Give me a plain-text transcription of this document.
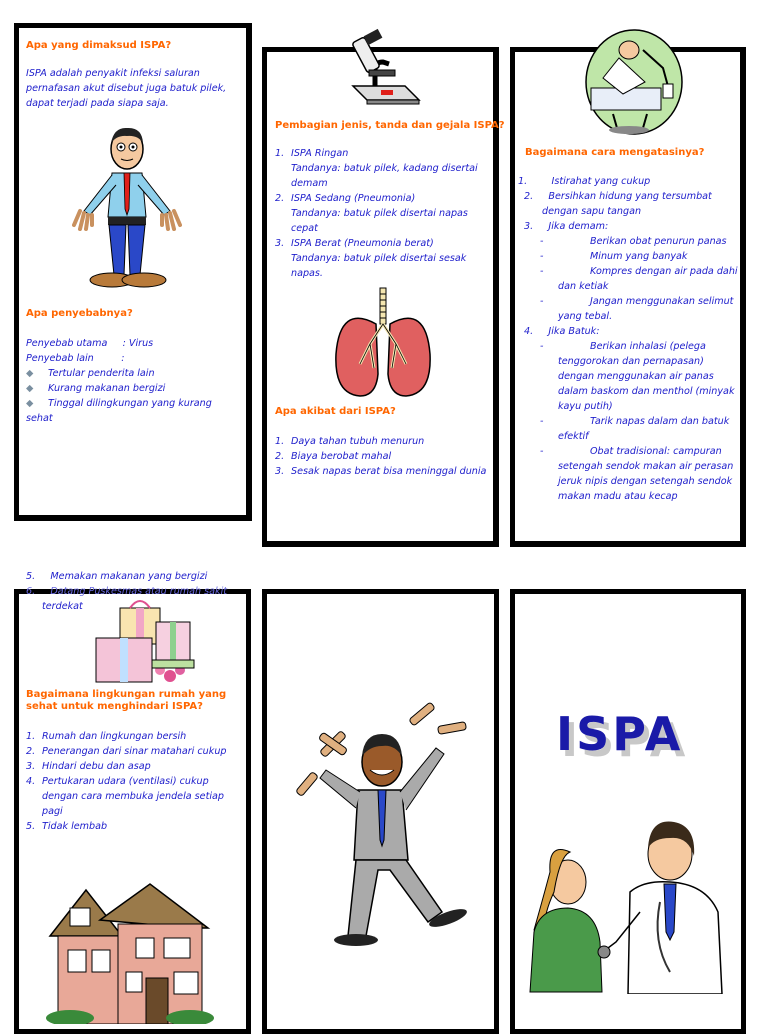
Apa yang dimaksud ISPA?
ISPA adalah penyakit infeksi saluran pernafasan akut disebut juga batuk pilek, dapat terjadi pada siapa saja.
Apa penyebabnya?

Penyebab utama     : Virus

Penyebab lain         :

◆ Tertular penderita lain
◆ Kurang makanan bergizi
◆ Tinggal dilingkungan yang kurang sehat
Pembagian jenis, tanda dan gejala ISPA?
1. ISPA Ringan
Tandanya: batuk pilek, kadang disertai demam
2. ISPA Sedang (Pneumonia)
Tandanya: batuk pilek disertai napas cepat
3. ISPA Berat (Pneumonia berat)
Tandanya: batuk pilek disertai sesak napas.
Apa akibat dari ISPA?
1. Daya tahan tubuh menurun
2. Biaya berobat mahal
3. Sesak napas berat bisa meninggal dunia
Bagaimana cara mengatasinya?

1.        Istirahat yang cukup

2.     Bersihkan hidung yang tersumbat

dengan sapu tangan

3.     Jika demam:

-	Berikan obat penurun panas
-	Minum yang banyak
-	Kompres dengan air pada dahi dan ketiak
-	Jangan menggunakan selimut yang tebal.

4.     Jika Batuk:

-	Berikan inhalasi (pelega tenggorokan dan pernapasan) dengan menggunakan air panas dalam baskom dan menthol (minyak kayu putih)
-	Tarik napas dalam dan batuk efektif
-	Obat tradisional: campuran setengah sendok makan air perasan jeruk nipis dengan setengah sendok makan madu atau kecap

5.     Memakan makanan yang bergizi

6.     Datang Puskesmas atau rumah sakit

terdekat

Bagaimana lingkungan rumah yang sehat untuk menghindari ISPA?
1. Rumah dan lingkungan bersih
2. Penerangan dari sinar matahari cukup
3. Hindari debu dan asap
4. Pertukaran udara (ventilasi) cukup dengan cara membuka jendela setiap pagi
5. Tidak lembab
ISPA
